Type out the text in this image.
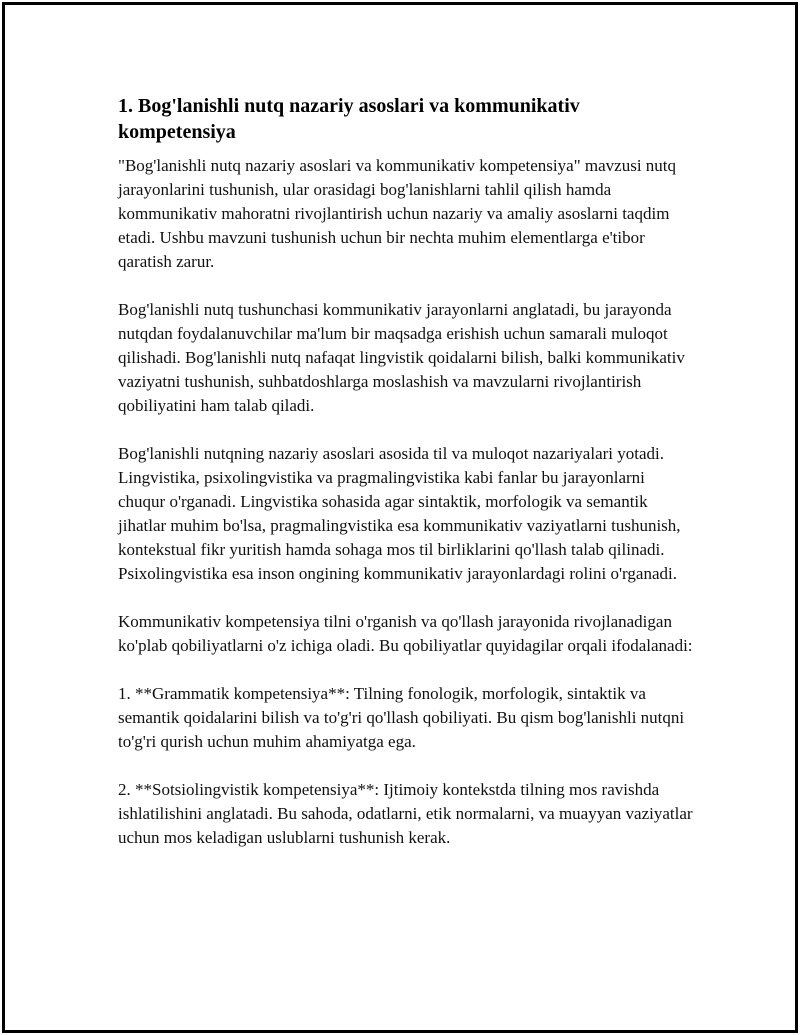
1. Bog'lanishli nutq nazariy asoslari va kommunikativ kompetensiya

"Bog'lanishli nutq nazariy asoslari va kommunikativ kompetensiya" mavzusi nutq jarayonlarini tushunish, ular orasidagi bog'lanishlarni tahlil qilish hamda kommunikativ mahoratni rivojlantirish uchun nazariy va amaliy asoslarni taqdim etadi. Ushbu mavzuni tushunish uchun bir nechta muhim elementlarga e'tibor qaratish zarur.

Bog'lanishli nutq tushunchasi kommunikativ jarayonlarni anglatadi, bu jarayonda nutqdan foydalanuvchilar ma'lum bir maqsadga erishish uchun samarali muloqot qilishadi. Bog'lanishli nutq nafaqat lingvistik qoidalarni bilish, balki kommunikativ vaziyatni tushunish, suhbatdoshlarga moslashish va mavzularni rivojlantirish qobiliyatini ham talab qiladi.

Bog'lanishli nutqning nazariy asoslari asosida til va muloqot nazariyalari yotadi. Lingvistika, psixolingvistika va pragmalingvistika kabi fanlar bu jarayonlarni chuqur o'rganadi. Lingvistika sohasida agar sintaktik, morfologik va semantik jihatlar muhim bo'lsa, pragmalingvistika esa kommunikativ vaziyatlarni tushunish, kontekstual fikr yuritish hamda sohaga mos til birliklarini qo'llash talab qilinadi. Psixolingvistika esa inson ongining kommunikativ jarayonlardagi rolini o'rganadi.

Kommunikativ kompetensiya tilni o'rganish va qo'llash jarayonida rivojlanadigan ko'plab qobiliyatlarni o'z ichiga oladi. Bu qobiliyatlar quyidagilar orqali ifodalanadi:

1. **Grammatik kompetensiya**: Tilning fonologik, morfologik, sintaktik va semantik qoidalarini bilish va to'g'ri qo'llash qobiliyati. Bu qism bog'lanishli nutqni to'g'ri qurish uchun muhim ahamiyatga ega.

2. **Sotsiolingvistik kompetensiya**: Ijtimoiy kontekstda tilning mos ravishda ishlatilishini anglatadi. Bu sahoda, odatlarni, etik normalarni, va muayyan vaziyatlar uchun mos keladigan uslublarni tushunish kerak.
